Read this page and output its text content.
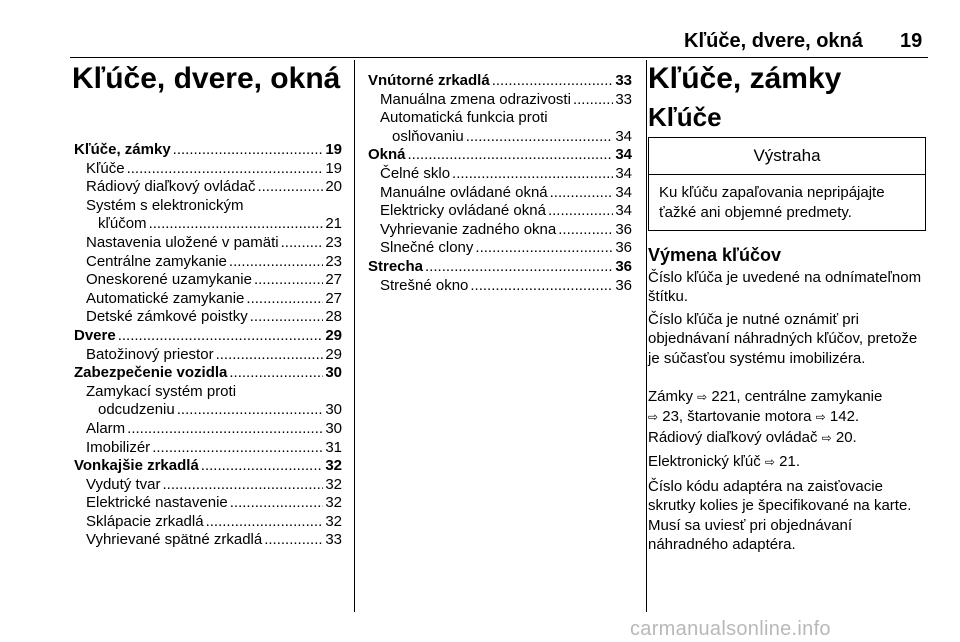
Kľúče, dvere, okná 19
Kľúče, dvere, okná
Kľúče, zámky .....	19
Kľúče .....	19
Rádiový diaľkový ovládač .....	20
Systém s elektronickým
kľúčom .....	21
Nastavenia uložené v pamäti .....	23
Centrálne zamykanie .....	23
Oneskorené uzamykanie .....	27
Automatické zamykanie .....	27
Detské zámkové poistky .....	28
Dvere .....	29
Batožinový priestor .....	29
Zabezpečenie vozidla .....	30
Zamykací systém proti
odcudzeniu .....	30
Alarm .....	30
Imobilizér .....	31
Vonkajšie zrkadlá .....	32
Vydutý tvar .....	32
Elektrické nastavenie .....	32
Sklápacie zrkadlá .....	32
Vyhrievané spätné zrkadlá .....	33
Vnútorné zrkadlá .....	33
Manuálna zmena odrazivosti .....	33
Automatická funkcia proti
oslňovaniu .....	34
Okná .....	34
Čelné sklo .....	34
Manuálne ovládané okná .....	34
Elektricky ovládané okná .....	34
Vyhrievanie zadného okna .....	36
Slnečné clony .....	36
Strecha .....	36
Strešné okno .....	36
Kľúče, zámky
Kľúče
Výstraha
Ku kľúču zapaľovania nepripájajte ťažké ani objemné predmety.
Výmena kľúčov
Číslo kľúča je uvedené na odnímateľnom štítku.
Číslo kľúča je nutné oznámiť pri objednávaní náhradných kľúčov, pretože je súčasťou systému imobilizéra.
Zámky ⇨ 221, centrálne zamykanie
⇨ 23, štartovanie motora ⇨ 142.
Rádiový diaľkový ovládač ⇨ 20.
Elektronický kľúč ⇨ 21.
Číslo kódu adaptéra na zaisťovacie skrutky kolies je špecifikované na karte. Musí sa uviesť pri objednávaní náhradného adaptéra.
carmanualsonline.info
